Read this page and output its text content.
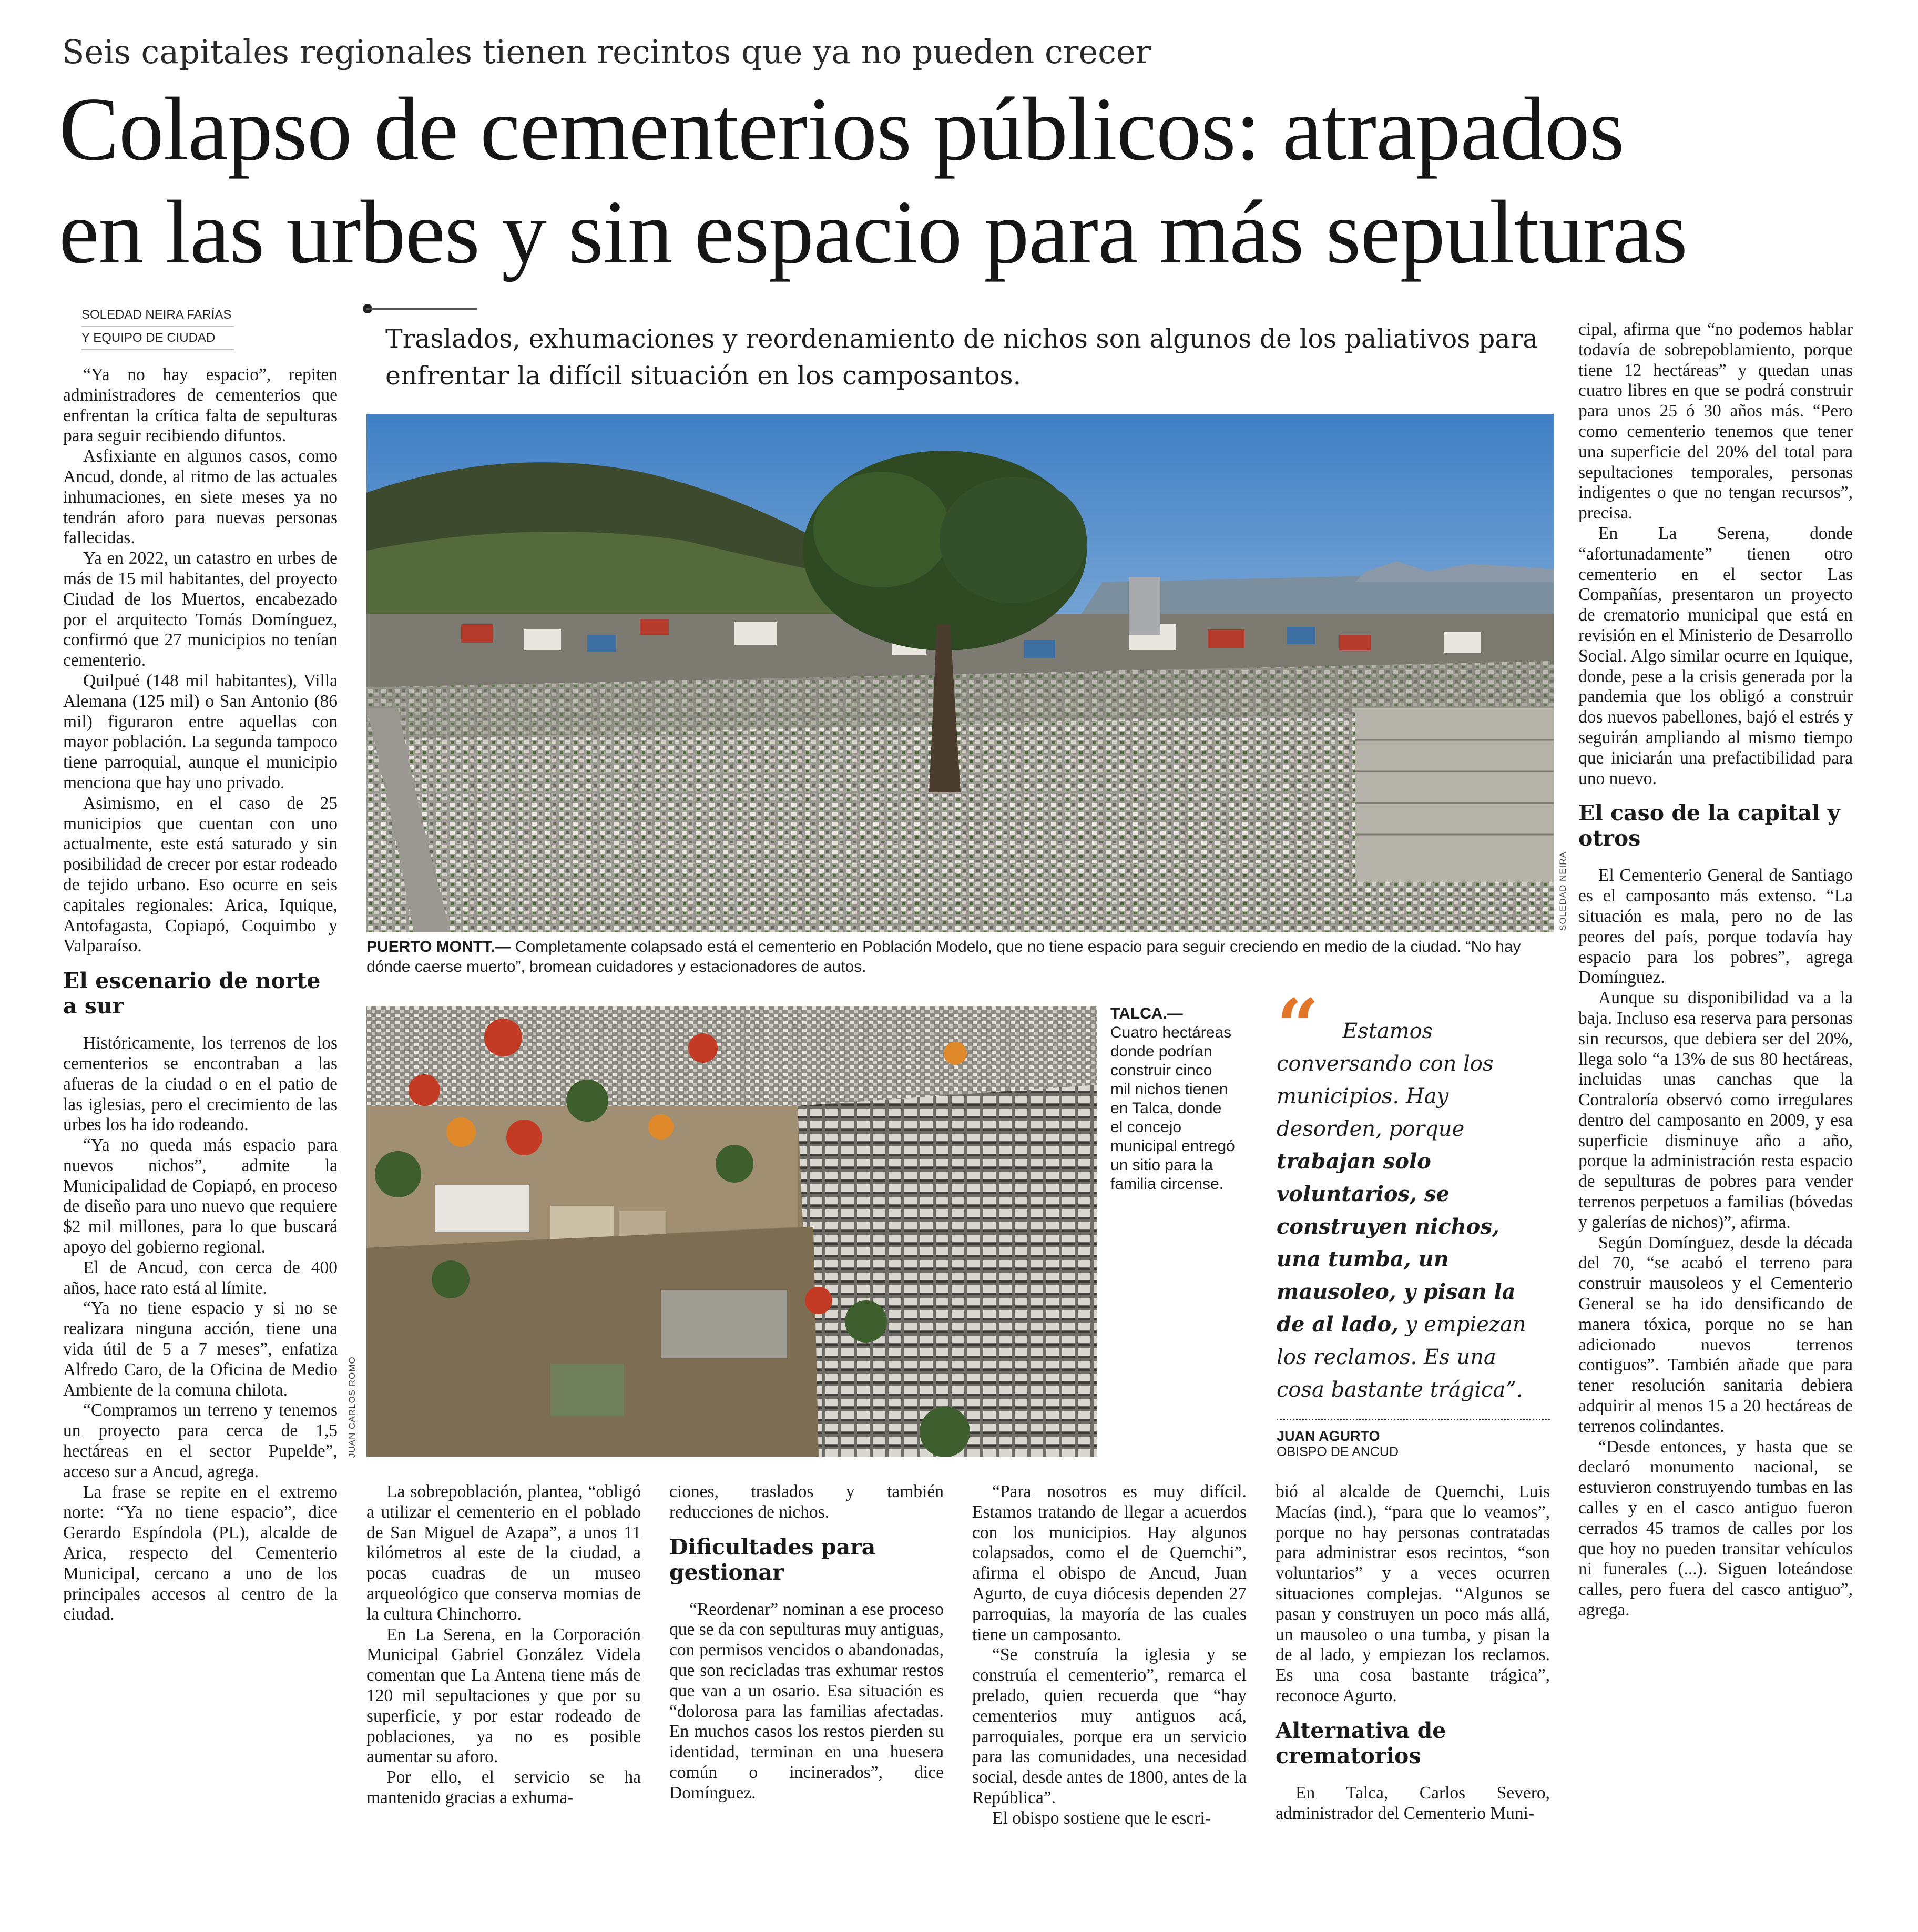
Seis capitales regionales tienen recintos que ya no pueden crecer
Colapso de cementerios públicos: atrapados
en las urbes y sin espacio para más sepulturas
SOLEDAD NEIRA FARÍAS
Y EQUIPO DE CIUDAD	Traslados, exhumaciones y reordenamiento de nichos son algunos de los paliativos para enfrentar la difícil situación en los camposantos.

“Ya no hay espacio”, repiten administradores de cementerios que enfrentan la crítica falta de sepulturas para seguir recibiendo difuntos.

Asfixiante en algunos casos, como Ancud, donde, al ritmo de las actuales inhumaciones, en siete meses ya no tendrán aforo para nuevas personas fallecidas.

Ya en 2022, un catastro en urbes de más de 15 mil habitantes, del proyecto Ciudad de los Muertos, encabezado por el arquitecto Tomás Domínguez, confirmó que 27 municipios no tenían cementerio.

Quilpué (148 mil habitantes), Villa Alemana (125 mil) o San Antonio (86 mil) figuraron entre aquellas con mayor población. La segunda tampoco tiene parroquial, aunque el municipio menciona que hay uno privado.

Asimismo, en el caso de 25 municipios que cuentan con uno actualmente, este está saturado y sin posibilidad de crecer por estar rodeado de tejido urbano. Eso ocurre en seis capitales regionales: Arica, Iquique, Antofagasta, Copiapó, Coquimbo y Valparaíso.

El escenario de norte a sur

Históricamente, los terrenos de los cementerios se encontraban a las afueras de la ciudad o en el patio de las iglesias, pero el crecimiento de las urbes los ha ido rodeando.

“Ya no queda más espacio para nuevos nichos”, admite la Municipalidad de Copiapó, en proceso de diseño para uno nuevo que requiere $2 mil millones, para lo que buscará apoyo del gobierno regional.

El de Ancud, con cerca de 400 años, hace rato está al límite.

“Ya no tiene espacio y si no se realizara ninguna acción, tiene una vida útil de 5 a 7 meses”, enfatiza Alfredo Caro, de la Oficina de Medio Ambiente de la comuna chilota.

“Compramos un terreno y tenemos un proyecto para cerca de 1,5 hectáreas en el sector Pupelde”, acceso sur a Ancud, agrega.

La frase se repite en el extremo norte: “Ya no tiene espacio”, dice Gerardo Espíndola (PL), alcalde de Arica, respecto del Cementerio Municipal, cercano a uno de los principales accesos al centro de la ciudad.

SOLEDAD NEIRA
PUERTO MONTT.— Completamente colapsado está el cementerio en Población Modelo, que no tiene espacio para seguir creciendo en medio de la ciudad. “No hay dónde caerse muerto”, bromean cuidadores y estacionadores de autos.
JUAN CARLOS ROMO
TALCA.—
Cuatro hectáreas donde podrían construir cinco mil nichos tienen en Talca, donde el concejo municipal entregó un sitio para la familia circense.
“	Estamos conversando con los municipios. Hay desorden, porque trabajan solo voluntarios, se construyen nichos, una tumba, un mausoleo, y pisan la de al lado, y empiezan los reclamos. Es una cosa bastante trágica”.
JUAN AGURTO
OBISPO DE ANCUD

La sobrepoblación, plantea, “obligó a utilizar el cementerio en el poblado de San Miguel de Azapa”, a unos 11 kilómetros al este de la ciudad, a pocas cuadras de un museo arqueológico que conserva momias de la cultura Chinchorro.

En La Serena, en la Corporación Municipal Gabriel González Videla comentan que La Antena tiene más de 120 mil sepultaciones y que por su superficie, y por estar rodeado de poblaciones, ya no es posible aumentar su aforo.

Por ello, el servicio se ha mantenido gracias a exhuma-

ciones, traslados y también reducciones de nichos.

Dificultades para gestionar

“Reordenar” nominan a ese proceso que se da con sepulturas muy antiguas, con permisos vencidos o abandonadas, que son recicladas tras exhumar restos que van a un osario. Esa situación es “dolorosa para las familias afectadas. En muchos casos los restos pierden su identidad, terminan en una huesera común o incinerados”, dice Domínguez.

“Para nosotros es muy difícil. Estamos tratando de llegar a acuerdos con los municipios. Hay algunos colapsados, como el de Quemchi”, afirma el obispo de Ancud, Juan Agurto, de cuya diócesis dependen 27 parroquias, la mayoría de las cuales tiene un camposanto.

“Se construía la iglesia y se construía el cementerio”, remarca el prelado, quien recuerda que “hay cementerios muy antiguos acá, parroquiales, porque era un servicio para las comunidades, una necesidad social, desde antes de 1800, antes de la República”.

El obispo sostiene que le escri-

bió al alcalde de Quemchi, Luis Macías (ind.), “para que lo veamos”, porque no hay personas contratadas para administrar esos recintos, “son voluntarios” y a veces ocurren situaciones complejas. “Algunos se pasan y construyen un poco más allá, un mausoleo o una tumba, y pisan la de al lado, y empiezan los reclamos. Es una cosa bastante trágica”, reconoce Agurto.

Alternativa de crematorios

En Talca, Carlos Severo, administrador del Cementerio Muni-

cipal, afirma que “no podemos hablar todavía de sobrepoblamiento, porque tiene 12 hectáreas” y quedan unas cuatro libres en que se podrá construir para unos 25 ó 30 años más. “Pero como cementerio tenemos que tener una superficie del 20% del total para sepultaciones temporales, personas indigentes o que no tengan recursos”, precisa.

En La Serena, donde “afortunadamente” tienen otro cementerio en el sector Las Compañías, presentaron un proyecto de crematorio municipal que está en revisión en el Ministerio de Desarrollo Social. Algo similar ocurre en Iquique, donde, pese a la crisis generada por la pandemia que los obligó a construir dos nuevos pabellones, bajó el estrés y seguirán ampliando al mismo tiempo que iniciarán una prefactibilidad para uno nuevo.

El caso de la capital y otros

El Cementerio General de Santiago es el camposanto más extenso. “La situación es mala, pero no de las peores del país, porque todavía hay espacio para los pobres”, agrega Domínguez.

Aunque su disponibilidad va a la baja. Incluso esa reserva para personas sin recursos, que debiera ser del 20%, llega solo “a 13% de sus 80 hectáreas, incluidas unas canchas que la Contraloría observó como irregulares dentro del camposanto en 2009, y esa superficie disminuye año a año, porque la administración resta espacio de sepulturas de pobres para vender terrenos perpetuos a familias (bóvedas y galerías de nichos)”, afirma.

Según Domínguez, desde la década del 70, “se acabó el terreno para construir mausoleos y el Cementerio General se ha ido densificando de manera tóxica, porque no se han adicionado nuevos terrenos contiguos”. También añade que para tener resolución sanitaria debiera adquirir al menos 15 a 20 hectáreas de terrenos colindantes.

“Desde entonces, y hasta que se declaró monumento nacional, se estuvieron construyendo tumbas en las calles y en el casco antiguo fueron cerrados 45 tramos de calles por los que hoy no pueden transitar vehículos ni funerales (...). Siguen loteándose calles, pero fuera del casco antiguo”, agrega.
